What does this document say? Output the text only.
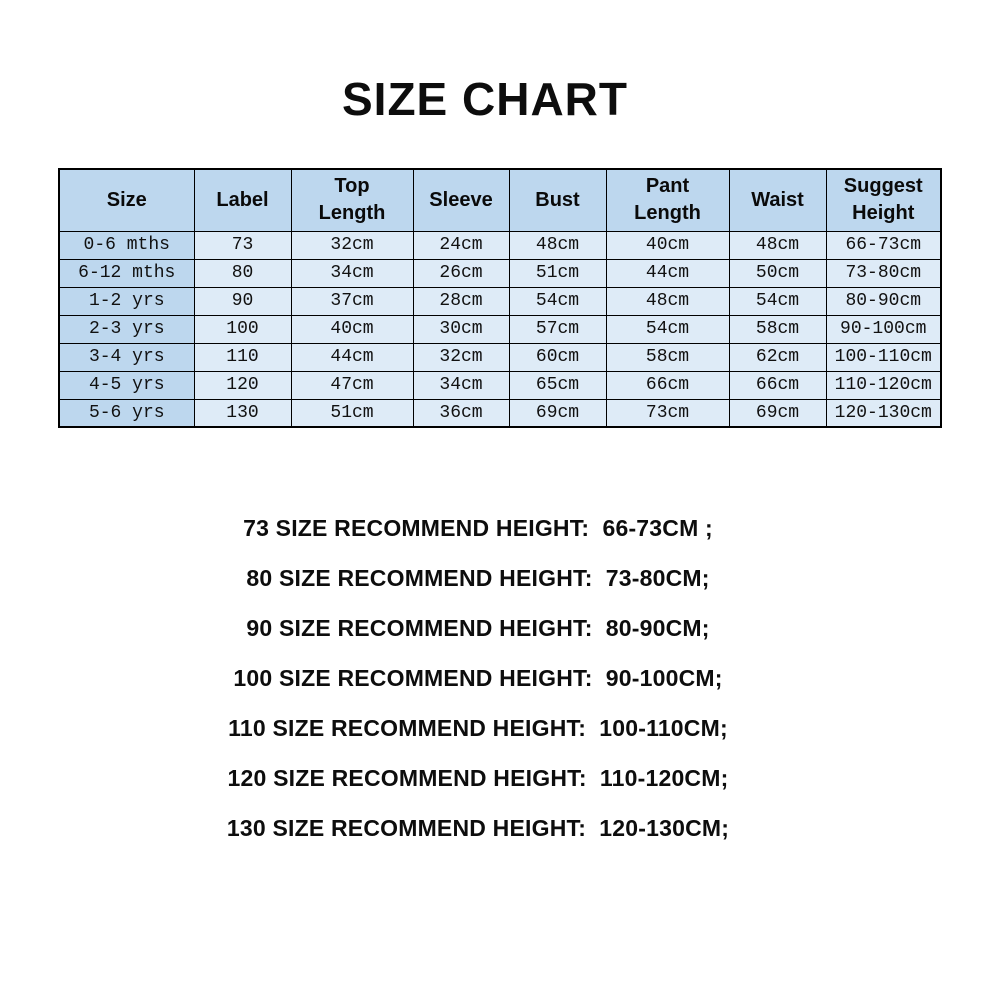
SIZE CHART
Size	Label	Top Length	Sleeve	Bust	Pant Length	Waist	Suggest Height
0-6 mths	73	32cm	24cm	48cm	40cm	48cm	66-73cm
6-12 mths	80	34cm	26cm	51cm	44cm	50cm	73-80cm
1-2 yrs	90	37cm	28cm	54cm	48cm	54cm	80-90cm
2-3 yrs	100	40cm	30cm	57cm	54cm	58cm	90-100cm
3-4 yrs	110	44cm	32cm	60cm	58cm	62cm	100-110cm
4-5 yrs	120	47cm	34cm	65cm	66cm	66cm	110-120cm
5-6 yrs	130	51cm	36cm	69cm	73cm	69cm	120-130cm
73 SIZE RECOMMEND HEIGHT:  66-73CM ;
80 SIZE RECOMMEND HEIGHT:  73-80CM;
90 SIZE RECOMMEND HEIGHT:  80-90CM;
100 SIZE RECOMMEND HEIGHT:  90-100CM;
110 SIZE RECOMMEND HEIGHT:  100-110CM;
120 SIZE RECOMMEND HEIGHT:  110-120CM;
130 SIZE RECOMMEND HEIGHT:  120-130CM;
